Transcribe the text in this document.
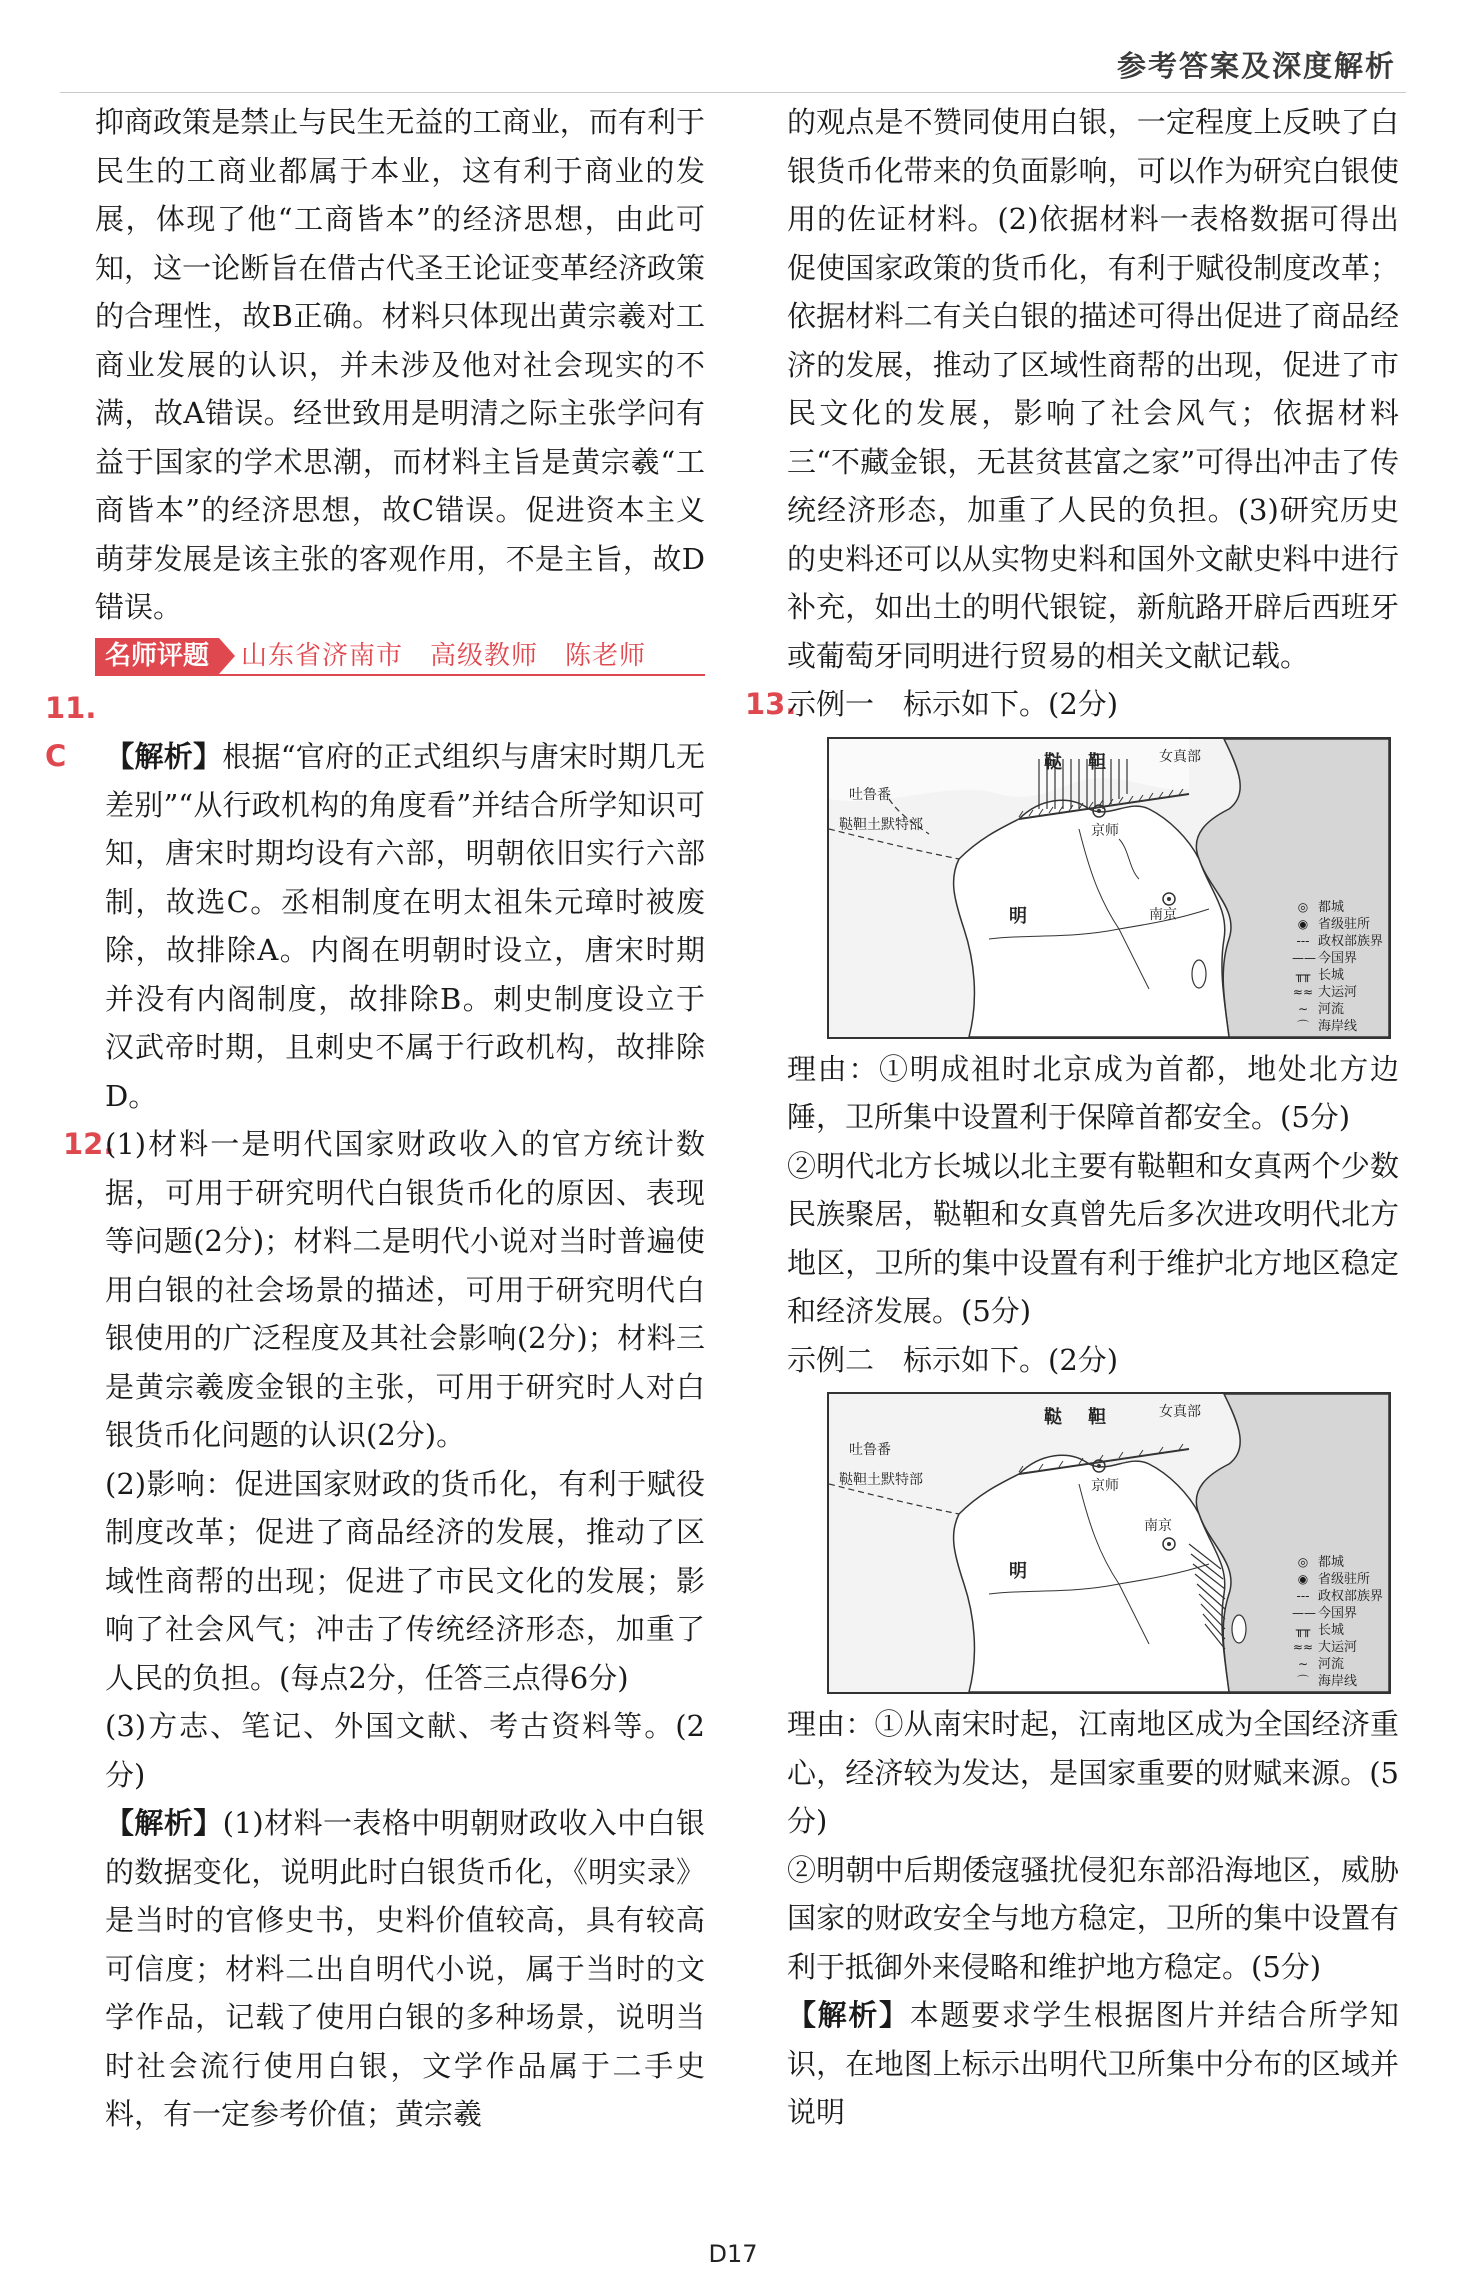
参考答案及深度解析

抑商政策是禁止与民生无益的工商业，而有利于民生的工商业都属于本业，这有利于商业的发展，体现了他“工商皆本”的经济思想，由此可知，这一论断旨在借古代圣王论证变革经济政策的合理性，故B正确。材料只体现出黄宗羲对工商业发展的认识，并未涉及他对社会现实的不满，故A错误。经世致用是明清之际主张学问有益于国家的学术思潮，而材料主旨是黄宗羲“工商皆本”的经济思想，故C错误。促进资本主义萌芽发展是该主张的客观作用，不是主旨，故D错误。

名师评题	山东省济南市　高级教师　陈老师

11. C 【解析】根据“官府的正式组织与唐宋时期几无差别”“从行政机构的角度看”并结合所学知识可知，唐宋时期均设有六部，明朝依旧实行六部制，故选C。丞相制度在明太祖朱元璋时被废除，故排除A。内阁在明朝时设立，唐宋时期并没有内阁制度，故排除B。刺史制度设立于汉武帝时期，且刺史不属于行政机构，故排除D。

12.(1)材料一是明代国家财政收入的官方统计数据，可用于研究明代白银货币化的原因、表现等问题(2分)；材料二是明代小说对当时普遍使用白银的社会场景的描述，可用于研究明代白银使用的广泛程度及其社会影响(2分)；材料三是黄宗羲废金银的主张，可用于研究时人对白银货币化问题的认识(2分)。

(2)影响：促进国家财政的货币化，有利于赋役制度改革；促进了商品经济的发展，推动了区域性商帮的出现；促进了市民文化的发展；影响了社会风气；冲击了传统经济形态，加重了人民的负担。(每点2分，任答三点得6分)

(3)方志、笔记、外国文献、考古资料等。(2分)

【解析】(1)材料一表格中明朝财政收入中白银的数据变化，说明此时白银货币化，《明实录》是当时的官修史书，史料价值较高，具有较高可信度；材料二出自明代小说，属于当时的文学作品，记载了使用白银的多种场景，说明当时社会流行使用白银，文学作品属于二手史料，有一定参考价值；黄宗羲

的观点是不赞同使用白银，一定程度上反映了白银货币化带来的负面影响，可以作为研究白银使用的佐证材料。(2)依据材料一表格数据可得出促使国家政策的货币化，有利于赋役制度改革；依据材料二有关白银的描述可得出促进了商品经济的发展，推动了区域性商帮的出现，促进了市民文化的发展，影响了社会风气；依据材料三“不藏金银，无甚贫甚富之家”可得出冲击了传统经济形态，加重了人民的负担。(3)研究历史的史料还可以从实物史料和国外文献史料中进行补充，如出土的明代银锭，新航路开辟后西班牙或葡萄牙同明进行贸易的相关文献记载。

13.示例一　标示如下。(2分)

鞑　靼	女真部
吐鲁番
鞑靼土默特部	京师
南京
明	◎ 都城
◉ 省级驻所
--- 政权部族界
—— 今国界
╥╥ 长城
≈≈ 大运河
∼ 河流
⌒ 海岸线

理由：①明成祖时北京成为首都，地处北方边陲，卫所集中设置利于保障首都安全。(5分)

②明代北方长城以北主要有鞑靼和女真两个少数民族聚居，鞑靼和女真曾先后多次进攻明代北方地区，卫所的集中设置有利于维护北方地区稳定和经济发展。(5分)

示例二　标示如下。(2分)

鞑　靼	女真部
吐鲁番
鞑靼土默特部	京师
南京
明	◎ 都城
◉ 省级驻所
--- 政权部族界
—— 今国界
╥╥ 长城
≈≈ 大运河
∼ 河流
⌒ 海岸线

理由：①从南宋时起，江南地区成为全国经济重心，经济较为发达，是国家重要的财赋来源。(5分)

②明朝中后期倭寇骚扰侵犯东部沿海地区，威胁国家的财政安全与地方稳定，卫所的集中设置有利于抵御外来侵略和维护地方稳定。(5分)

【解析】本题要求学生根据图片并结合所学知识，在地图上标示出明代卫所集中分布的区域并说明

D17
